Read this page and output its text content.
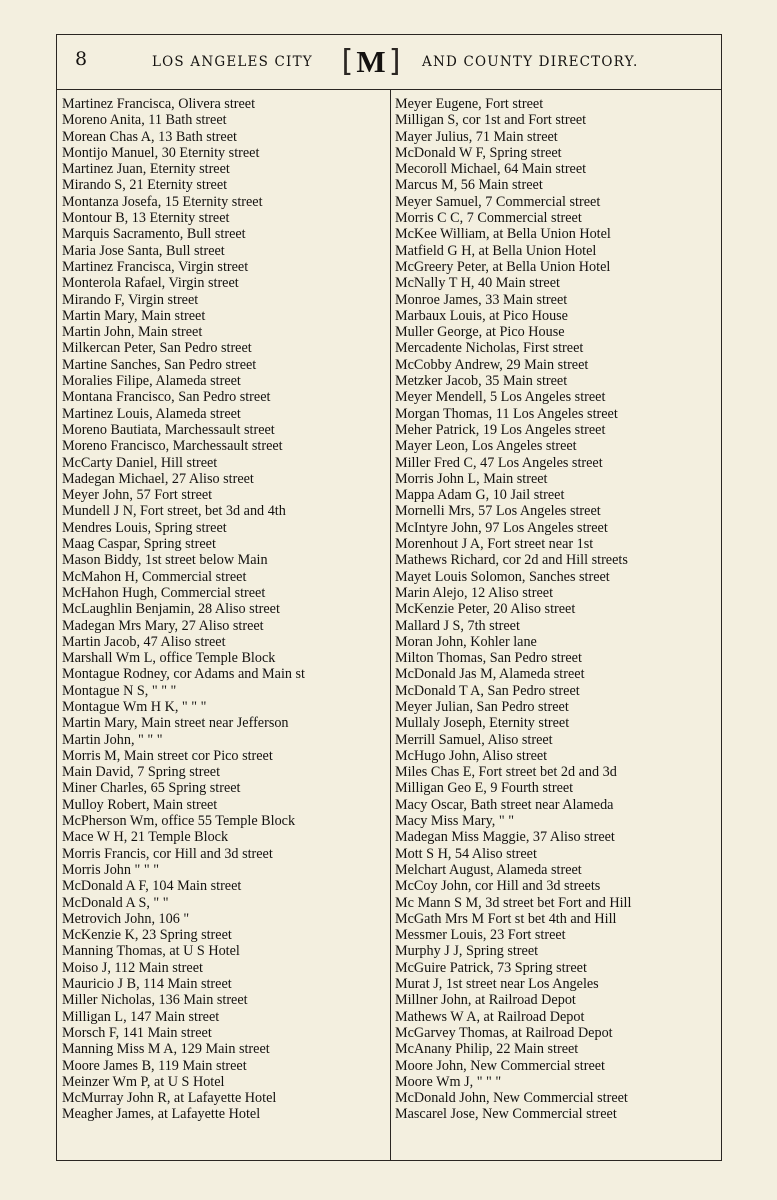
8	LOS ANGELES CITY [ M ] AND COUNTY DIRECTORY.
Martinez Francisca, Olivera street
Moreno Anita, 11 Bath street
Morean Chas A, 13 Bath street
Montijo Manuel, 30 Eternity street
Martinez Juan, Eternity street
Mirando S, 21 Eternity street
Montanza Josefa, 15 Eternity street
Montour B, 13 Eternity street
Marquis Sacramento, Bull street
Maria Jose Santa, Bull street
Martinez Francisca, Virgin street
Monterola Rafael, Virgin street
Mirando F, Virgin street
Martin Mary, Main street
Martin John, Main street
Milkercan Peter, San Pedro street
Martine Sanches, San Pedro street
Moralies Filipe, Alameda street
Montana Francisco, San Pedro street
Martinez Louis, Alameda street
Moreno Bautiata, Marchessault street
Moreno Francisco, Marchessault street
McCarty Daniel, Hill street
Madegan Michael, 27 Aliso street
Meyer John, 57 Fort street
Mundell J N, Fort street, bet 3d and 4th
Mendres Louis, Spring street
Maag Caspar, Spring street
Mason Biddy, 1st street below Main
McMahon H, Commercial street
McHahon Hugh, Commercial street
McLaughlin Benjamin, 28 Aliso street
Madegan Mrs Mary, 27 Aliso street
Martin Jacob, 47 Aliso street
Marshall Wm L, office Temple Block
Montague Rodney, cor Adams and Main st
Montague N S, " " "
Montague Wm H K, " " "
Martin Mary, Main street near Jefferson
Martin John, " " "
Morris M, Main street cor Pico street
Main David, 7 Spring street
Miner Charles, 65 Spring street
Mulloy Robert, Main street
McPherson Wm, office 55 Temple Block
Mace W H, 21 Temple Block
Morris Francis, cor Hill and 3d street
Morris John " " "
McDonald A F, 104 Main street
McDonald A S, " "
Metrovich John, 106 "
McKenzie K, 23 Spring street
Manning Thomas, at U S Hotel
Moiso J, 112 Main street
Mauricio J B, 114 Main street
Miller Nicholas, 136 Main street
Milligan L, 147 Main street
Morsch F, 141 Main street
Manning Miss M A, 129 Main street
Moore James B, 119 Main street
Meinzer Wm P, at U S Hotel
McMurray John R, at Lafayette Hotel
Meagher James, at Lafayette Hotel
Meyer Eugene, Fort street
Milligan S, cor 1st and Fort street
Mayer Julius, 71 Main street
McDonald W F, Spring street
Mecoroll Michael, 64 Main street
Marcus M, 56 Main street
Meyer Samuel, 7 Commercial street
Morris C C, 7 Commercial street
McKee William, at Bella Union Hotel
Matfield G H, at Bella Union Hotel
McGreery Peter, at Bella Union Hotel
McNally T H, 40 Main street
Monroe James, 33 Main street
Marbaux Louis, at Pico House
Muller George, at Pico House
Mercadente Nicholas, First street
McCobby Andrew, 29 Main street
Metzker Jacob, 35 Main street
Meyer Mendell, 5 Los Angeles street
Morgan Thomas, 11 Los Angeles street
Meher Patrick, 19 Los Angeles street
Mayer Leon, Los Angeles street
Miller Fred C, 47 Los Angeles street
Morris John L, Main street
Mappa Adam G, 10 Jail street
Mornelli Mrs, 57 Los Angeles street
McIntyre John, 97 Los Angeles street
Morenhout J A, Fort street near 1st
Mathews Richard, cor 2d and Hill streets
Mayet Louis Solomon, Sanches street
Marin Alejo, 12 Aliso street
McKenzie Peter, 20 Aliso street
Mallard J S, 7th street
Moran John, Kohler lane
Milton Thomas, San Pedro street
McDonald Jas M, Alameda street
McDonald T A, San Pedro street
Meyer Julian, San Pedro street
Mullaly Joseph, Eternity street
Merrill Samuel, Aliso street
McHugo John, Aliso street
Miles Chas E, Fort street bet 2d and 3d
Milligan Geo E, 9 Fourth street
Macy Oscar, Bath street near Alameda
Macy Miss Mary, " "
Madegan Miss Maggie, 37 Aliso street
Mott S H, 54 Aliso street
Melchart August, Alameda street
McCoy John, cor Hill and 3d streets
Mc Mann S M, 3d street bet Fort and Hill
McGath Mrs M Fort st bet 4th and Hill
Messmer Louis, 23 Fort street
Murphy J J, Spring street
McGuire Patrick, 73 Spring street
Murat J, 1st street near Los Angeles
Millner John, at Railroad Depot
Mathews W A, at Railroad Depot
McGarvey Thomas, at Railroad Depot
McAnany Philip, 22 Main street
Moore John, New Commercial street
Moore Wm J, " " "
McDonald John, New Commercial street
Mascarel Jose, New Commercial street
